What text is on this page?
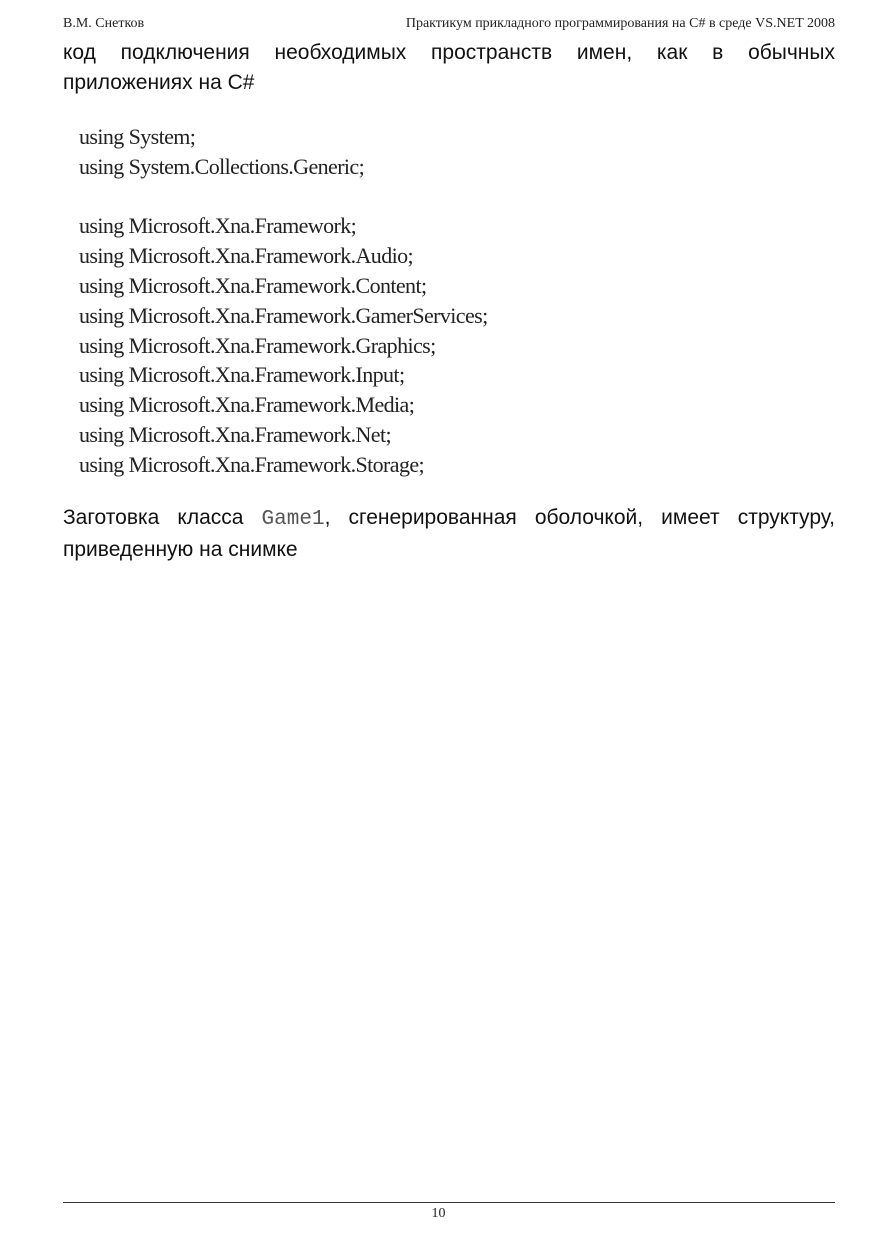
В.М. Снетков	Практикум прикладного программирования на C# в среде VS.NET 2008

код подключения необходимых пространств имен, как в обычных приложениях на C#

using System;
using System.Collections.Generic;
using Microsoft.Xna.Framework;
using Microsoft.Xna.Framework.Audio;
using Microsoft.Xna.Framework.Content;
using Microsoft.Xna.Framework.GamerServices;
using Microsoft.Xna.Framework.Graphics;
using Microsoft.Xna.Framework.Input;
using Microsoft.Xna.Framework.Media;
using Microsoft.Xna.Framework.Net;
using Microsoft.Xna.Framework.Storage;

Заготовка класса Game1, сгенерированная оболочкой, имеет структуру, приведенную на снимке

10
